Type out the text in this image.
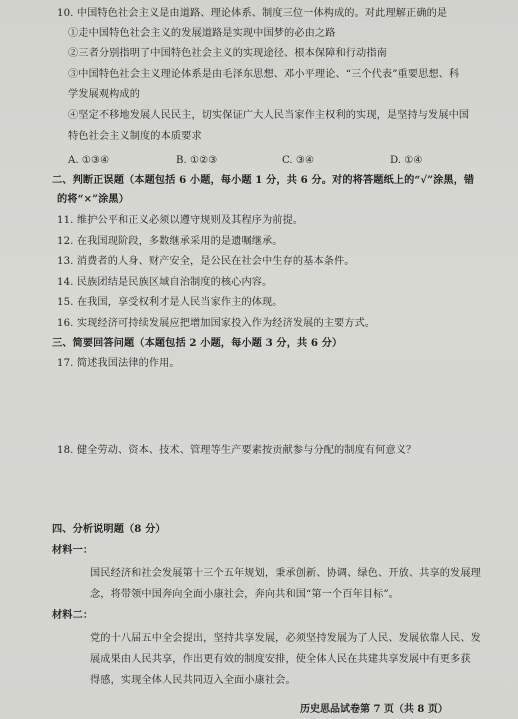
10. 中国特色社会主义是由道路、理论体系、制度三位一体构成的。对此理解正确的是
①走中国特色社会主义的发展道路是实现中国梦的必由之路
②三者分别指明了中国特色社会主义的实现途径、根本保障和行动指南
③中国特色社会主义理论体系是由毛泽东思想、邓小平理论、“三个代表”重要思想、科
学发展观构成的
④坚定不移地发展人民民主，切实保证广大人民当家作主权利的实现，是坚持与发展中国
特色社会主义制度的本质要求
A. ①③④	B. ①②③	C. ③④	D. ①④
二、判断正误题（本题包括 6 小题，每小题 1 分，共 6 分。对的将答题纸上的“√”涂黑，错
的将“×”涂黑）
11. 维护公平和正义必须以遵守规则及其程序为前提。
12. 在我国现阶段，多数继承采用的是遗嘱继承。
13. 消费者的人身、财产安全，是公民在社会中生存的基本条件。
14. 民族团结是民族区域自治制度的核心内容。
15. 在我国，享受权利才是人民当家作主的体现。
16. 实现经济可持续发展应把增加国家投入作为经济发展的主要方式。
三、简要回答问题（本题包括 2 小题，每小题 3 分，共 6 分）
17. 简述我国法律的作用。
18. 健全劳动、资本、技术、管理等生产要素按贡献参与分配的制度有何意义？
四、分析说明题（8 分）
材料一：
国民经济和社会发展第十三个五年规划，秉承创新、协调、绿色、开放、共享的发展理
念，将带领中国奔向全面小康社会，奔向共和国“第一个百年目标”。
材料二：
党的十八届五中全会提出，坚持共享发展，必须坚持发展为了人民、发展依靠人民、发
展成果由人民共享，作出更有效的制度安排，使全体人民在共建共享发展中有更多获
得感，实现全体人民共同迈入全面小康社会。
历史思品试卷第 7 页（共 8 页）
